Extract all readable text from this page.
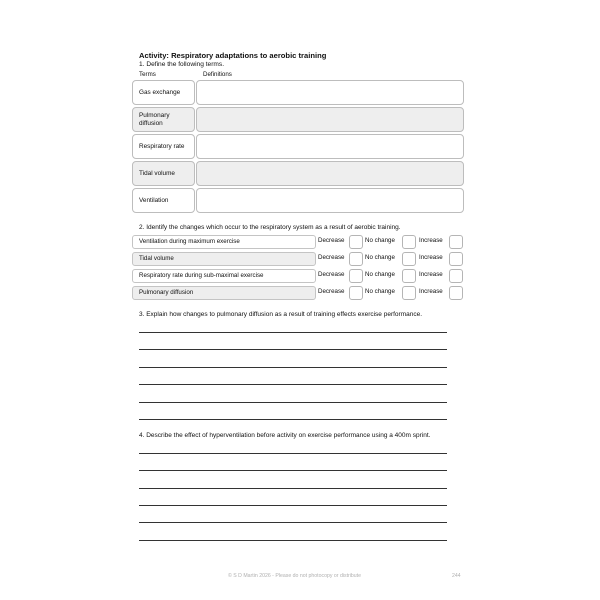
Activity: Respiratory adaptations to aerobic training
1. Define the following terms.
Terms	Definitions
Gas exchange
Pulmonary diffusion
Respiratory rate
Tidal volume
Ventilation
2. Identify the changes which occur to the respiratory system as a result of aerobic training.
Ventilation during maximum exercise	Decrease	No change	Increase
Tidal volume	Decrease	No change	Increase
Respiratory rate during sub-maximal exercise	Decrease	No change	Increase
Pulmonary diffusion	Decrease	No change	Increase
3. Explain how changes to pulmonary diffusion as a result of training effects exercise performance.
4. Describe the effect of hyperventilation before activity on exercise performance using a 400m sprint.
© S D Martin 2026 - Please do not photocopy or distribute	244
